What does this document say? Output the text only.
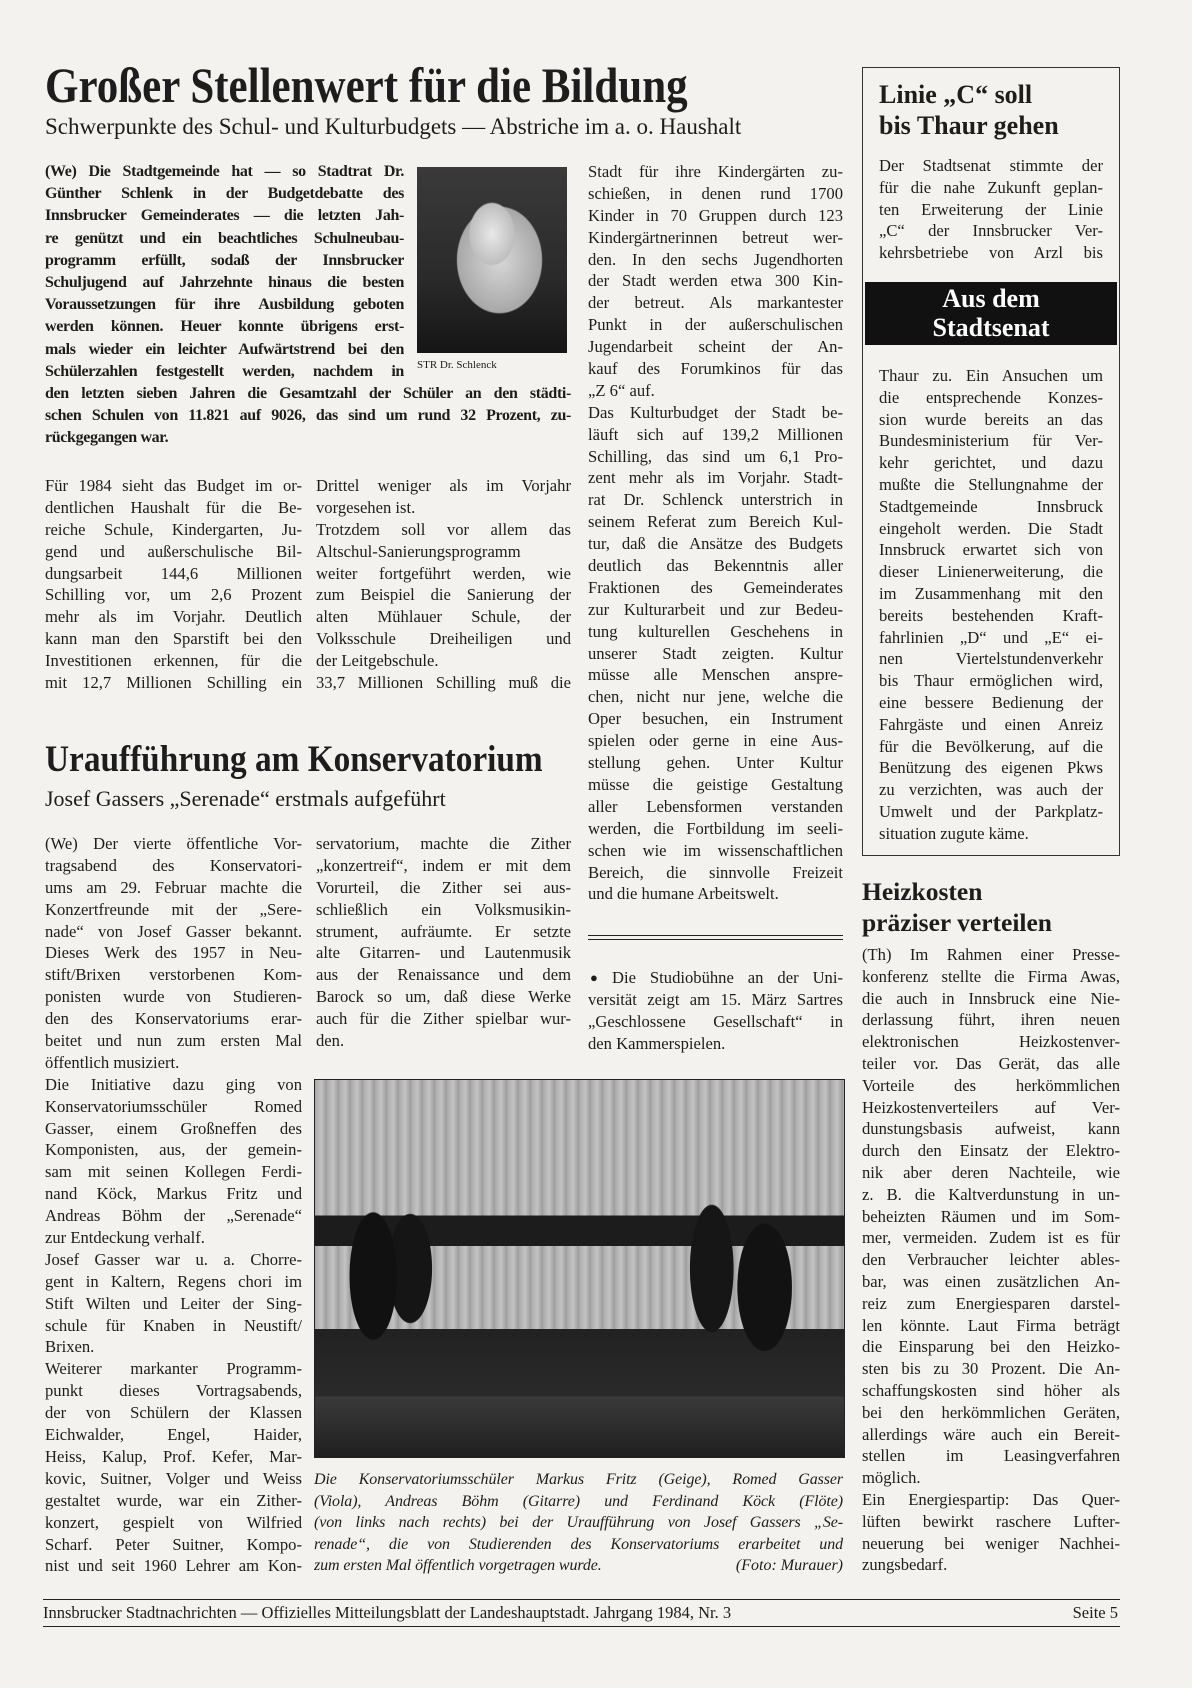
Großer Stellenwert für die Bildung
Schwerpunkte des Schul- und Kulturbudgets — Abstriche im a. o. Haushalt
(We) Die Stadtgemeinde hat — so Stadtrat Dr.
Günther Schlenk in der Budgetdebatte des
Innsbrucker Gemeinderates — die letzten Jah-
re genützt und ein beachtliches Schulneubau-
programm erfüllt, sodaß der Innsbrucker
Schuljugend auf Jahrzehnte hinaus die besten
Voraussetzungen für ihre Ausbildung geboten
werden können. Heuer konnte übrigens erst-
mals wieder ein leichter Aufwärtstrend bei den
Schülerzahlen festgestellt werden, nachdem in
den letzten sieben Jahren die Gesamtzahl der Schüler an den städti-
schen Schulen von 11.821 auf 9026, das sind um rund 32 Prozent, zu-
rückgegangen war.
STR Dr. Schlenck
Für 1984 sieht das Budget im or-
dentlichen Haushalt für die Be-
reiche Schule, Kindergarten, Ju-
gend und außerschulische Bil-
dungsarbeit 144,6 Millionen
Schilling vor, um 2,6 Prozent
mehr als im Vorjahr. Deutlich
kann man den Sparstift bei den
Investitionen erkennen, für die
mit 12,7 Millionen Schilling ein
Drittel weniger als im Vorjahr
vorgesehen ist.
Trotzdem soll vor allem das
Altschul-Sanierungsprogramm
weiter fortgeführt werden, wie
zum Beispiel die Sanierung der
alten Mühlauer Schule, der
Volksschule Dreiheiligen und
der Leitgebschule.
33,7 Millionen Schilling muß die
Stadt für ihre Kindergärten zu-
schießen, in denen rund 1700
Kinder in 70 Gruppen durch 123
Kindergärtnerinnen betreut wer-
den. In den sechs Jugendhorten
der Stadt werden etwa 300 Kin-
der betreut. Als markantester
Punkt in der außerschulischen
Jugendarbeit scheint der An-
kauf des Forumkinos für das
„Z 6“ auf.
Das Kulturbudget der Stadt be-
läuft sich auf 139,2 Millionen
Schilling, das sind um 6,1 Pro-
zent mehr als im Vorjahr. Stadt-
rat Dr. Schlenck unterstrich in
seinem Referat zum Bereich Kul-
tur, daß die Ansätze des Budgets
deutlich das Bekenntnis aller
Fraktionen des Gemeinderates
zur Kulturarbeit und zur Bedeu-
tung kulturellen Geschehens in
unserer Stadt zeigten. Kultur
müsse alle Menschen anspre-
chen, nicht nur jene, welche die
Oper besuchen, ein Instrument
spielen oder gerne in eine Aus-
stellung gehen. Unter Kultur
müsse die geistige Gestaltung
aller Lebensformen verstanden
werden, die Fortbildung im seeli-
schen wie im wissenschaftlichen
Bereich, die sinnvolle Freizeit
und die humane Arbeitswelt.
● Die Studiobühne an der Uni-
versität zeigt am 15. März Sartres
„Geschlossene Gesellschaft“ in
den Kammerspielen.
Linie „C“ soll
bis Thaur gehen
Der Stadtsenat stimmte der
für die nahe Zukunft geplan-
ten Erweiterung der Linie
„C“ der Innsbrucker Ver-
kehrsbetriebe von Arzl bis
Aus dem
Stadtsenat
Thaur zu. Ein Ansuchen um
die entsprechende Konzes-
sion wurde bereits an das
Bundesministerium für Ver-
kehr gerichtet, und dazu
mußte die Stellungnahme der
Stadtgemeinde Innsbruck
eingeholt werden. Die Stadt
Innsbruck erwartet sich von
dieser Linienerweiterung, die
im Zusammenhang mit den
bereits bestehenden Kraft-
fahrlinien „D“ und „E“ ei-
nen Viertelstundenverkehr
bis Thaur ermöglichen wird,
eine bessere Bedienung der
Fahrgäste und einen Anreiz
für die Bevölkerung, auf die
Benützung des eigenen Pkws
zu verzichten, was auch der
Umwelt und der Parkplatz-
situation zugute käme.
Heizkosten
präziser verteilen
(Th) Im Rahmen einer Presse-
konferenz stellte die Firma Awas,
die auch in Innsbruck eine Nie-
derlassung führt, ihren neuen
elektronischen Heizkostenver-
teiler vor. Das Gerät, das alle
Vorteile des herkömmlichen
Heizkostenverteilers auf Ver-
dunstungsbasis aufweist, kann
durch den Einsatz der Elektro-
nik aber deren Nachteile, wie
z. B. die Kaltverdunstung in un-
beheizten Räumen und im Som-
mer, vermeiden. Zudem ist es für
den Verbraucher leichter ables-
bar, was einen zusätzlichen An-
reiz zum Energiesparen darstel-
len könnte. Laut Firma beträgt
die Einsparung bei den Heizko-
sten bis zu 30 Prozent. Die An-
schaffungskosten sind höher als
bei den herkömmlichen Geräten,
allerdings wäre auch ein Bereit-
stellen im Leasingverfahren
möglich.
Ein Energiespartip: Das Quer-
lüften bewirkt raschere Lufter-
neuerung bei weniger Nachhei-
zungsbedarf.
Uraufführung am Konservatorium
Josef Gassers „Serenade“ erstmals aufgeführt
(We) Der vierte öffentliche Vor-
tragsabend des Konservatori-
ums am 29. Februar machte die
Konzertfreunde mit der „Sere-
nade“ von Josef Gasser bekannt.
Dieses Werk des 1957 in Neu-
stift/Brixen verstorbenen Kom-
ponisten wurde von Studieren-
den des Konservatoriums erar-
beitet und nun zum ersten Mal
öffentlich musiziert.
Die Initiative dazu ging von
Konservatoriumsschüler Romed
Gasser, einem Großneffen des
Komponisten, aus, der gemein-
sam mit seinen Kollegen Ferdi-
nand Köck, Markus Fritz und
Andreas Böhm der „Serenade“
zur Entdeckung verhalf.
Josef Gasser war u. a. Chorre-
gent in Kaltern, Regens chori im
Stift Wilten und Leiter der Sing-
schule für Knaben in Neustift/
Brixen.
Weiterer markanter Programm-
punkt dieses Vortragsabends,
der von Schülern der Klassen
Eichwalder, Engel, Haider,
Heiss, Kalup, Prof. Kefer, Mar-
kovic, Suitner, Volger und Weiss
gestaltet wurde, war ein Zither-
konzert, gespielt von Wilfried
Scharf. Peter Suitner, Kompo-
nist und seit 1960 Lehrer am Kon-
servatorium, machte die Zither
„konzertreif“, indem er mit dem
Vorurteil, die Zither sei aus-
schließlich ein Volksmusikin-
strument, aufräumte. Er setzte
alte Gitarren- und Lautenmusik
aus der Renaissance und dem
Barock so um, daß diese Werke
auch für die Zither spielbar wur-
den.
Die Konservatoriumsschüler Markus Fritz (Geige), Romed Gasser
(Viola), Andreas Böhm (Gitarre) und Ferdinand Köck (Flöte)
(von links nach rechts) bei der Uraufführung von Josef Gassers „Se-
renade“, die von Studierenden des Konservatoriums erarbeitet und
zum ersten Mal öffentlich vorgetragen wurde.	(Foto: Murauer)
Innsbrucker Stadtnachrichten — Offizielles Mitteilungsblatt der Landeshauptstadt. Jahrgang 1984, Nr. 3	Seite 5
